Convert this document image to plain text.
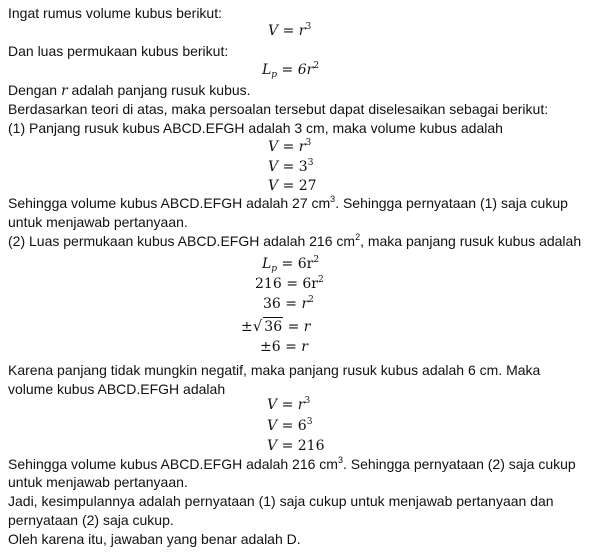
Ingat rumus volume kubus berikut:
$V = r^3$
Dan luas permukaan kubus berikut:
$L_p = 6r^2$
Dengan r adalah panjang rusuk kubus.
Berdasarkan teori di atas, maka persoalan tersebut dapat diselesaikan sebagai berikut:
(1) Panjang rusuk kubus ABCD.EFGH adalah 3 cm, maka volume kubus adalah
$V = r^3$
$V = 3^3$
V = 27
Sehingga volume kubus ABCD.EFGH adalah 27 $cm^3$. Sehingga pernyataan (1) saja cukup
untuk menjawab pertanyaan.
(2) Luas permukaan kubus ABCD.EFGH adalah 216 $cm^2$, maka panjang rusuk kubus adalah
$L_p = 6r^2$
$216 = 6r^2$
$36 = r^2$
±√ 36 = r
±6 = r
Karena panjang tidak mungkin negatif, maka panjang rusuk kubus adalah 6 cm. Maka
volume kubus ABCD.EFGH adalah
$V = r^3$
$V = 6^3$
V = 216
Sehingga volume kubus ABCD.EFGH adalah 216 $cm^3$. Sehingga pernyataan (2) saja cukup
untuk menjawab pertanyaan.
Jadi, kesimpulannya adalah pernyataan (1) saja cukup untuk menjawab pertanyaan dan
pernyataan (2) saja cukup.
Oleh karena itu, jawaban yang benar adalah D.
